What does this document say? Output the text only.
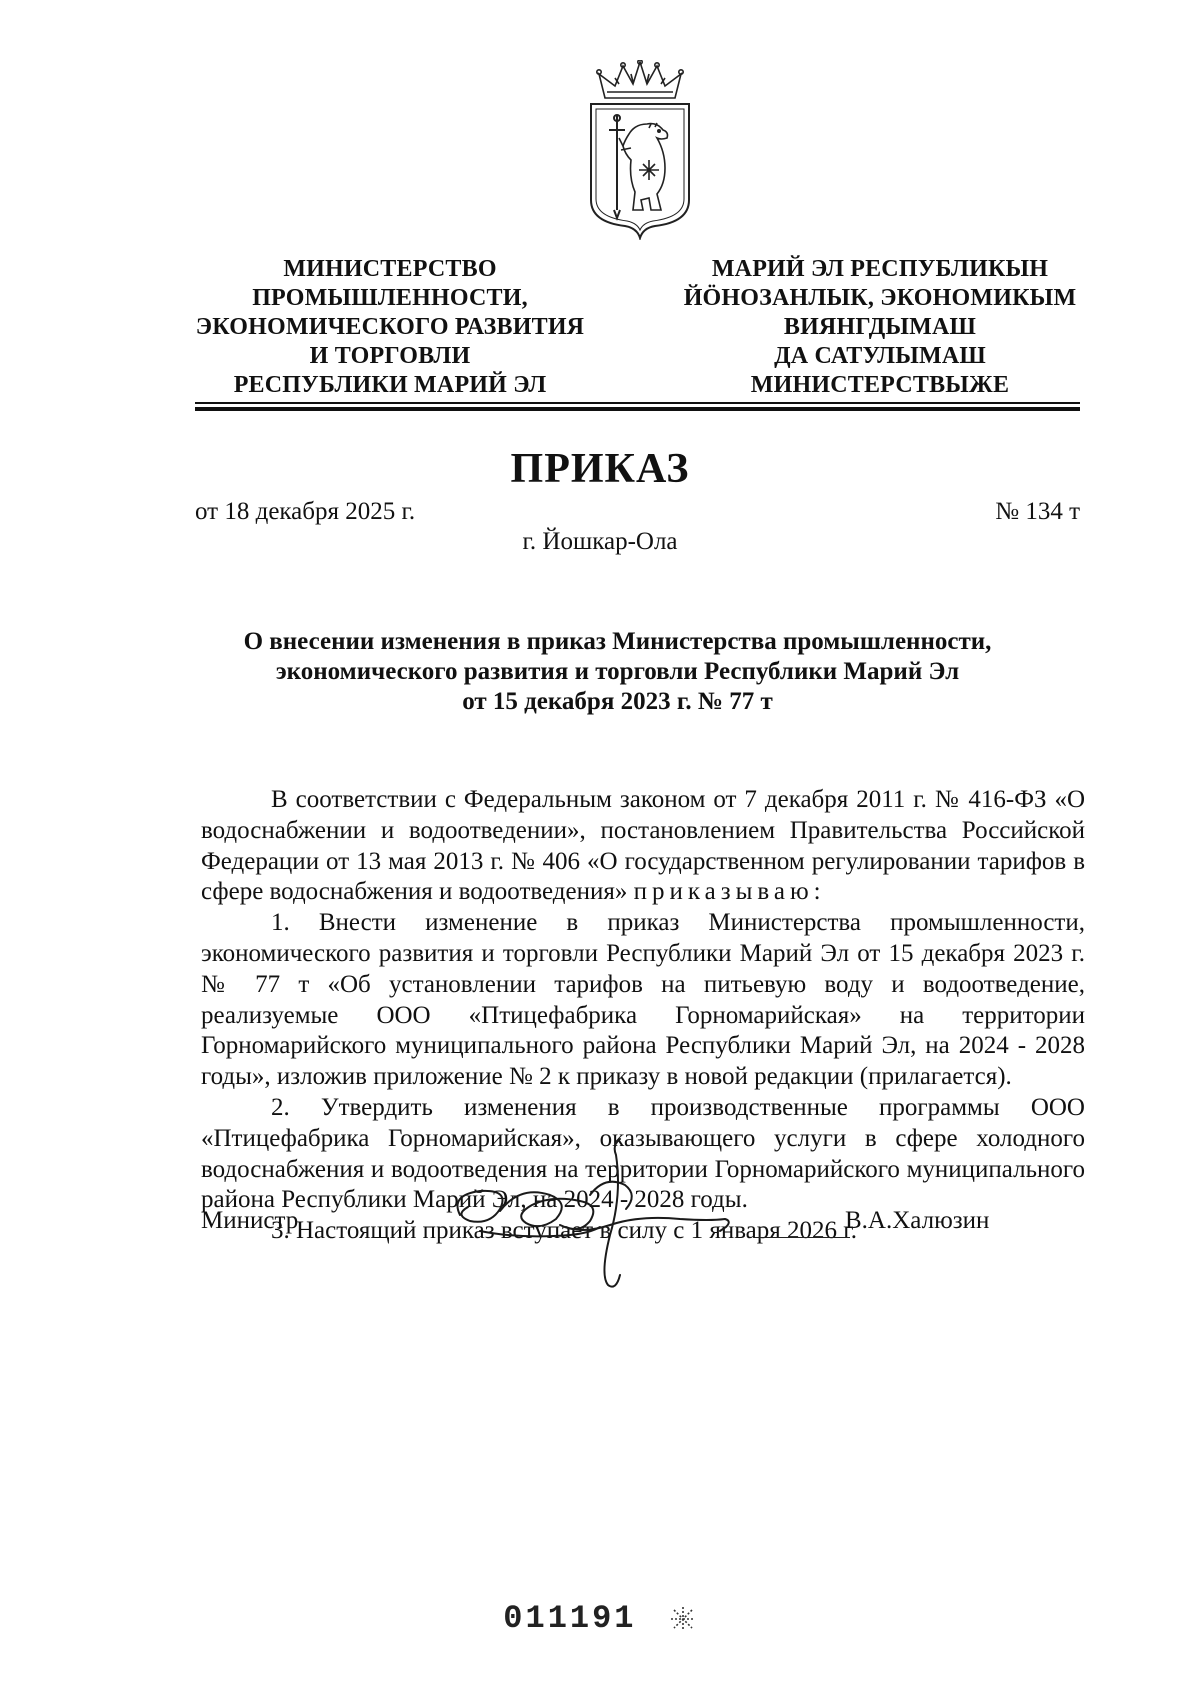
МИНИСТЕРСТВО
ПРОМЫШЛЕННОСТИ,
ЭКОНОМИЧЕСКОГО РАЗВИТИЯ
И ТОРГОВЛИ
РЕСПУБЛИКИ МАРИЙ ЭЛ
МАРИЙ ЭЛ РЕСПУБЛИКЫН
ЙӦНОЗАНЛЫК, ЭКОНОМИКЫМ
ВИЯНГДЫМАШ
ДА САТУЛЫМАШ
МИНИСТЕРСТВЫЖЕ
ПРИКАЗ
от 18 декабря 2025 г.	№ 134 т
г. Йошкар-Ола
О внесении изменения в приказ Министерства промышленности,
экономического развития и торговли Республики Марий Эл
от 15 декабря 2023 г. № 77 т

В соответствии с Федеральным законом от 7 декабря 2011 г. № 416-ФЗ «О водоснабжении и водоотведении», постановлением Правительства Российской Федерации от 13 мая 2013 г. № 406 «О государственном регулировании тарифов в сфере водоснабжения и водоотведения» приказываю:

1. Внести изменение в приказ Министерства промышленности, экономического развития и торговли Республики Марий Эл от 15 декабря 2023 г. № 77 т «Об установлении тарифов на питьевую воду и водоотведение, реализуемые ООО «Птицефабрика Горномарийская» на территории Горномарийского муниципального района Республики Марий Эл, на 2024 - 2028 годы», изложив приложение № 2 к приказу в новой редакции (прилагается).

2. Утвердить изменения в производственные программы ООО «Птицефабрика Горномарийская», оказывающего услуги в сфере холодного водоснабжения и водоотведения на территории Горномарийского муниципального района Республики Марий Эл, на 2024 - 2028 годы.

3. Настоящий приказ вступает в силу с 1 января 2026 г.

Министр	В.А.Халюзин
011191
